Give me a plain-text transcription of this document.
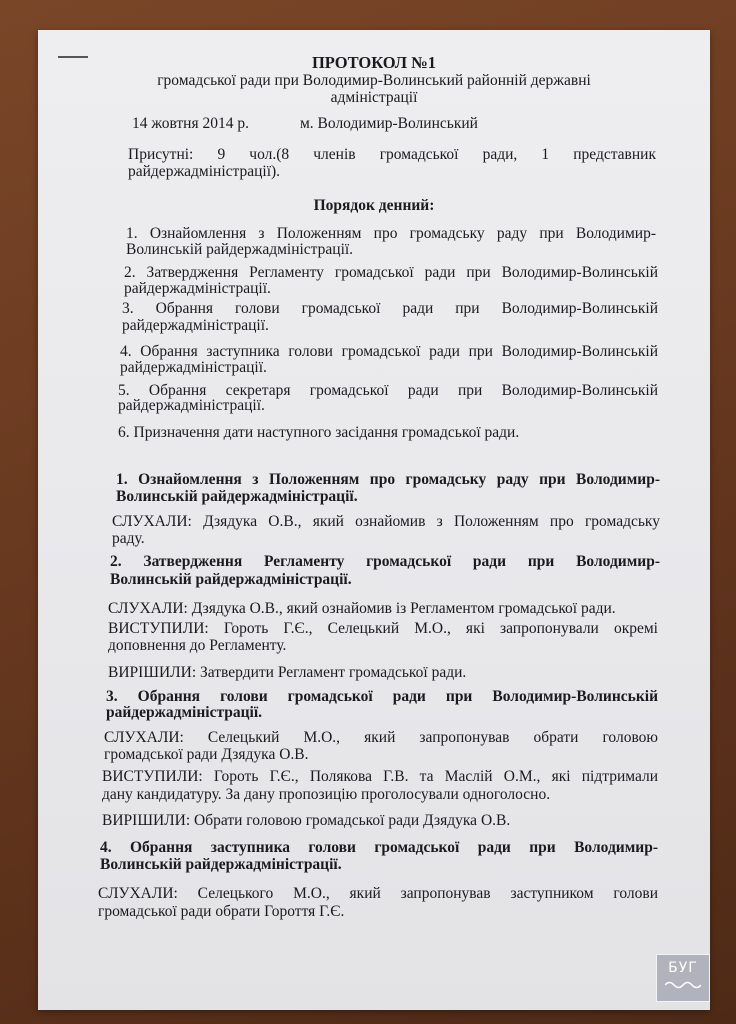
ПРОТОКОЛ №1
громадської ради при Володимир-Волинський районній державні
адміністрації
14 жовтня 2014 р.	м. Володимир-Волинський
Присутні: 9 чол.(8 членів громадської ради, 1 представник
райдержадміністрації).
Порядок денний:
1. Ознайомлення з Положенням про громадську раду при Володимир-
Волинській райдержадміністрації.
2. Затвердження Регламенту громадської ради при Володимир-Волинській
райдержадміністрації.
3. Обрання голови громадської ради при Володимир-Волинській
райдержадміністрації.
4. Обрання заступника голови громадської ради при Володимир-Волинській
райдержадміністрації.
5. Обрання секретаря громадської ради при Володимир-Волинській
райдержадміністрації.
6. Призначення дати наступного засідання громадської ради.
1. Ознайомлення з Положенням про громадську раду при Володимир-
Волинській райдержадміністрації.
СЛУХАЛИ: Дзядука О.В., який ознайомив з Положенням про громадську
раду.
2. Затвердження Регламенту громадської ради при Володимир-
Волинській райдержадміністрації.
СЛУХАЛИ: Дзядука О.В., який ознайомив із Регламентом громадської ради.
ВИСТУПИЛИ: Гороть Г.Є., Селецький М.О., які запропонували окремі
доповнення до Регламенту.
ВИРІШИЛИ: Затвердити Регламент громадської ради.
3. Обрання голови громадської ради при Володимир-Волинській
райдержадміністрації.
СЛУХАЛИ: Селецький М.О., який запропонував обрати головою
громадської ради Дзядука О.В.
ВИСТУПИЛИ: Гороть Г.Є., Полякова Г.В. та Маслій О.М., які підтримали
дану кандидатуру. За дану пропозицію проголосували одноголосно.
ВИРІШИЛИ: Обрати головою громадської ради Дзядука О.В.
4. Обрання заступника голови громадської ради при Володимир-
Волинській райдержадміністрації.
СЛУХАЛИ: Селецького М.О., який запропонував заступником голови
громадської ради обрати Гороття Г.Є.
БУГ
